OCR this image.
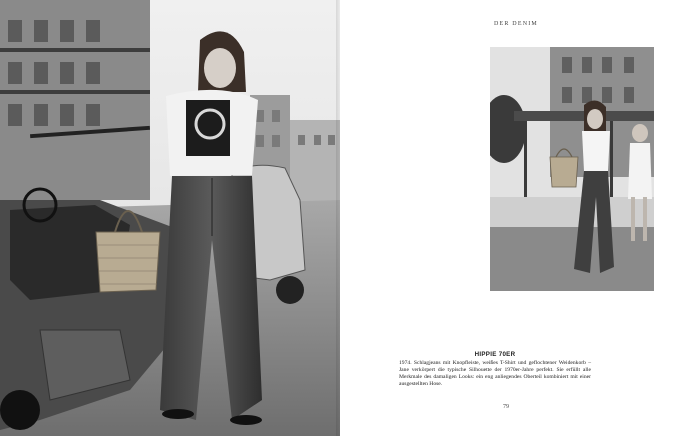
DER DENIM
HIPPIE 70ER
1974. Schlagjeans mit Knopfleiste, weißes T-Shirt und geflochtener Weidenkorb – Jane verkörpert die typische Silhouette der 1970er-Jahre perfekt. Sie erfüllt alle Merkmale des damaligen Looks: ein eng anliegendes Oberteil kombiniert mit einer ausgestellten Hose.
79
